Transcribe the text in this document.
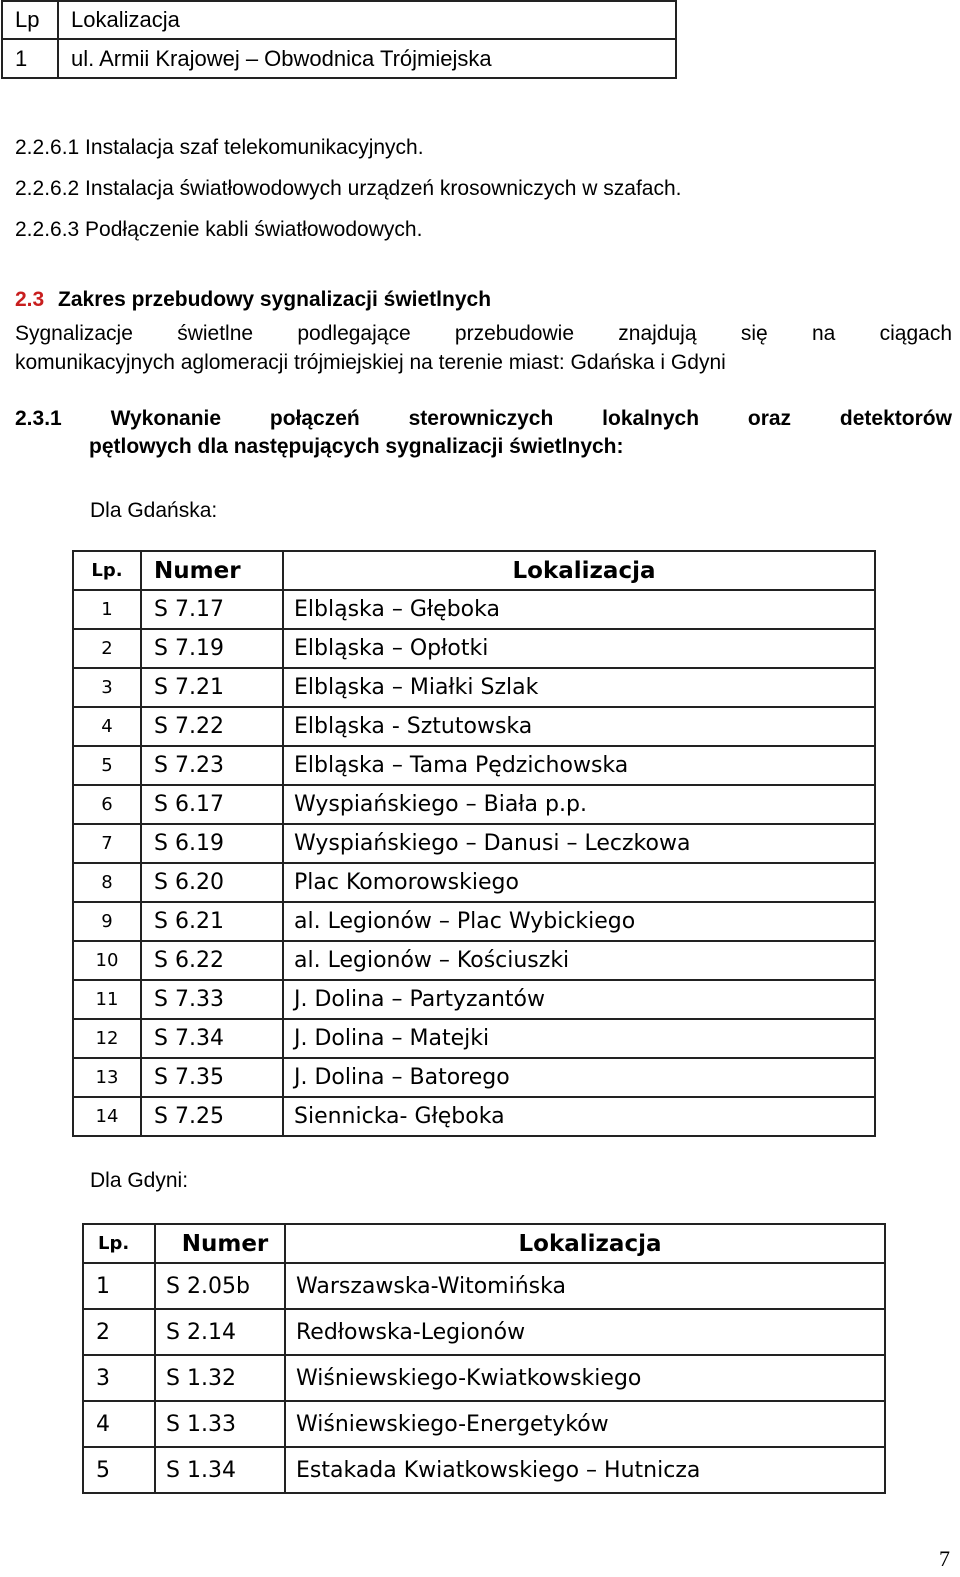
Lp	Lokalizacja
1	ul. Armii Krajowej – Obwodnica Trójmiejska
2.2.6.1 Instalacja szaf telekomunikacyjnych.
2.2.6.2 Instalacja światłowodowych urządzeń krosowniczych w szafach.
2.2.6.3 Podłączenie kabli światłowodowych.
2.3 Zakres przebudowy sygnalizacji świetlnych
Sygnalizacje świetlne podlegające przebudowie znajdują się na ciągach
komunikacyjnych aglomeracji trójmiejskiej na terenie miast: Gdańska i Gdyni
2.3.1 Wykonanie połączeń sterowniczych lokalnych oraz detektorów
pętlowych dla następujących sygnalizacji świetlnych:
Dla Gdańska:
Lp.	Numer	Lokalizacja
1	S 7.17	Elbląska – Głęboka
2	S 7.19	Elbląska – Opłotki
3	S 7.21	Elbląska – Miałki Szlak
4	S 7.22	Elbląska - Sztutowska
5	S 7.23	Elbląska – Tama Pędzichowska
6	S 6.17	Wyspiańskiego – Biała p.p.
7	S 6.19	Wyspiańskiego – Danusi – Leczkowa
8	S 6.20	Plac Komorowskiego
9	S 6.21	al. Legionów – Plac Wybickiego
10	S 6.22	al. Legionów – Kościuszki
11	S 7.33	J. Dolina – Partyzantów
12	S 7.34	J. Dolina – Matejki
13	S 7.35	J. Dolina – Batorego
14	S 7.25	Siennicka- Głęboka
Dla Gdyni:
Lp.	Numer	Lokalizacja
1	S 2.05b	Warszawska-Witomińska
2	S 2.14	Redłowska-Legionów
3	S 1.32	Wiśniewskiego-Kwiatkowskiego
4	S 1.33	Wiśniewskiego-Energetyków
5	S 1.34	Estakada Kwiatkowskiego – Hutnicza
7
